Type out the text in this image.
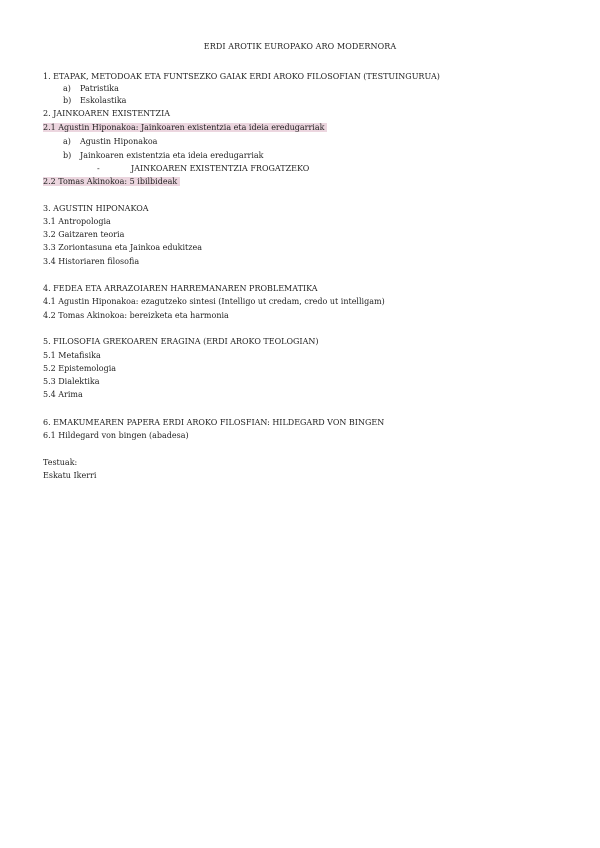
ERDI AROTIK EUROPAKO ARO MODERNORA
1. ETAPAK, METODOAK ETA FUNTSEZKO GAIAK ERDI AROKO FILOSOFIAN (TESTUINGURUA)
a) Patristika
b) Eskolastika
2. JAINKOAREN EXISTENTZIA
2.1 Agustin Hiponakoa: Jainkoaren existentzia eta ideia eredugarriak
a) Agustin Hiponakoa
b) Jainkoaren existentzia eta ideia eredugarriak
-	JAINKOAREN EXISTENTZIA FROGATZEKO
2.2 Tomas Akinokoa: 5 ibilbideak
3. AGUSTIN HIPONAKOA
3.1 Antropologia
3.2 Gaitzaren teoria
3.3 Zoriontasuna eta Jainkoa edukitzea
3.4 Historiaren filosofia
4. FEDEA ETA ARRAZOIAREN HARREMANAREN PROBLEMATIKA
4.1 Agustin Hiponakoa: ezagutzeko sintesi (Intelligo ut credam, credo ut intelligam)
4.2 Tomas Akinokoa: bereizketa eta harmonia
5. FILOSOFIA GREKOAREN ERAGINA (ERDI AROKO TEOLOGIAN)
5.1 Metafisika
5.2 Epistemologia
5.3 Dialektika
5.4 Arima
6. EMAKUMEAREN PAPERA ERDI AROKO FILOSFIAN: HILDEGARD VON BINGEN
6.1 Hildegard von bingen (abadesa)
Testuak:
Eskatu Ikerri
